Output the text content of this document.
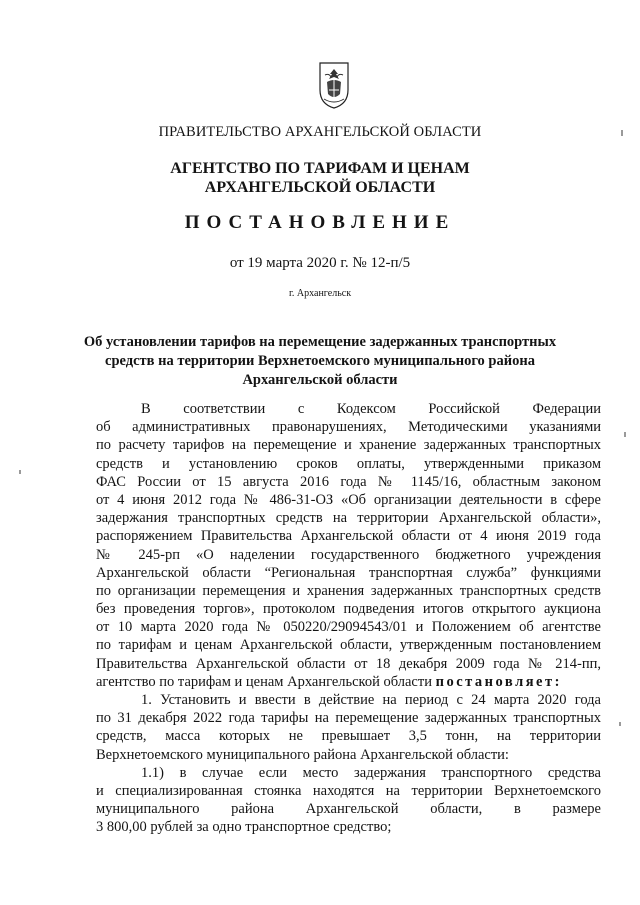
ПРАВИТЕЛЬСТВО АРХАНГЕЛЬСКОЙ ОБЛАСТИ
АГЕНТСТВО ПО ТАРИФАМ И ЦЕНАМ
АРХАНГЕЛЬСКОЙ ОБЛАСТИ
ПОСТАНОВЛЕНИЕ
от 19 марта 2020 г. № 12-п/5
г. Архангельск
Об установлении тарифов на перемещение задержанных транспортных
средств на территории Верхнетоемского муниципального района
Архангельской области
В соответствии с Кодексом Российской Федерации
об административных правонарушениях, Методическими указаниями
по расчету тарифов на перемещение и хранение задержанных транспортных
средств и установлению сроков оплаты, утвержденными приказом
ФАС России от 15 августа 2016 года № 1145/16, областным законом
от 4 июня 2012 года № 486-31-ОЗ «Об организации деятельности в сфере
задержания транспортных средств на территории Архангельской области»,
распоряжением Правительства Архангельской области от 4 июня 2019 года
№ 245-рп «О наделении государственного бюджетного учреждения
Архангельской области “Региональная транспортная служба” функциями
по организации перемещения и хранения задержанных транспортных средств
без проведения торгов», протоколом подведения итогов открытого аукциона
от 10 марта 2020 года № 050220/29094543/01 и Положением об агентстве
по тарифам и ценам Архангельской области, утвержденным постановлением
Правительства Архангельской области от 18 декабря 2009 года № 214-пп,
агентство по тарифам и ценам Архангельской области постановляет:
1. Установить и ввести в действие на период с 24 марта 2020 года
по 31 декабря 2022 года тарифы на перемещение задержанных транспортных
средств, масса которых не превышает 3,5 тонн, на территории
Верхнетоемского муниципального района Архангельской области:
1.1) в случае если место задержания транспортного средства
и специализированная стоянка находятся на территории Верхнетоемского
муниципального района Архангельской области, в размере
3 800,00 рублей за одно транспортное средство;
